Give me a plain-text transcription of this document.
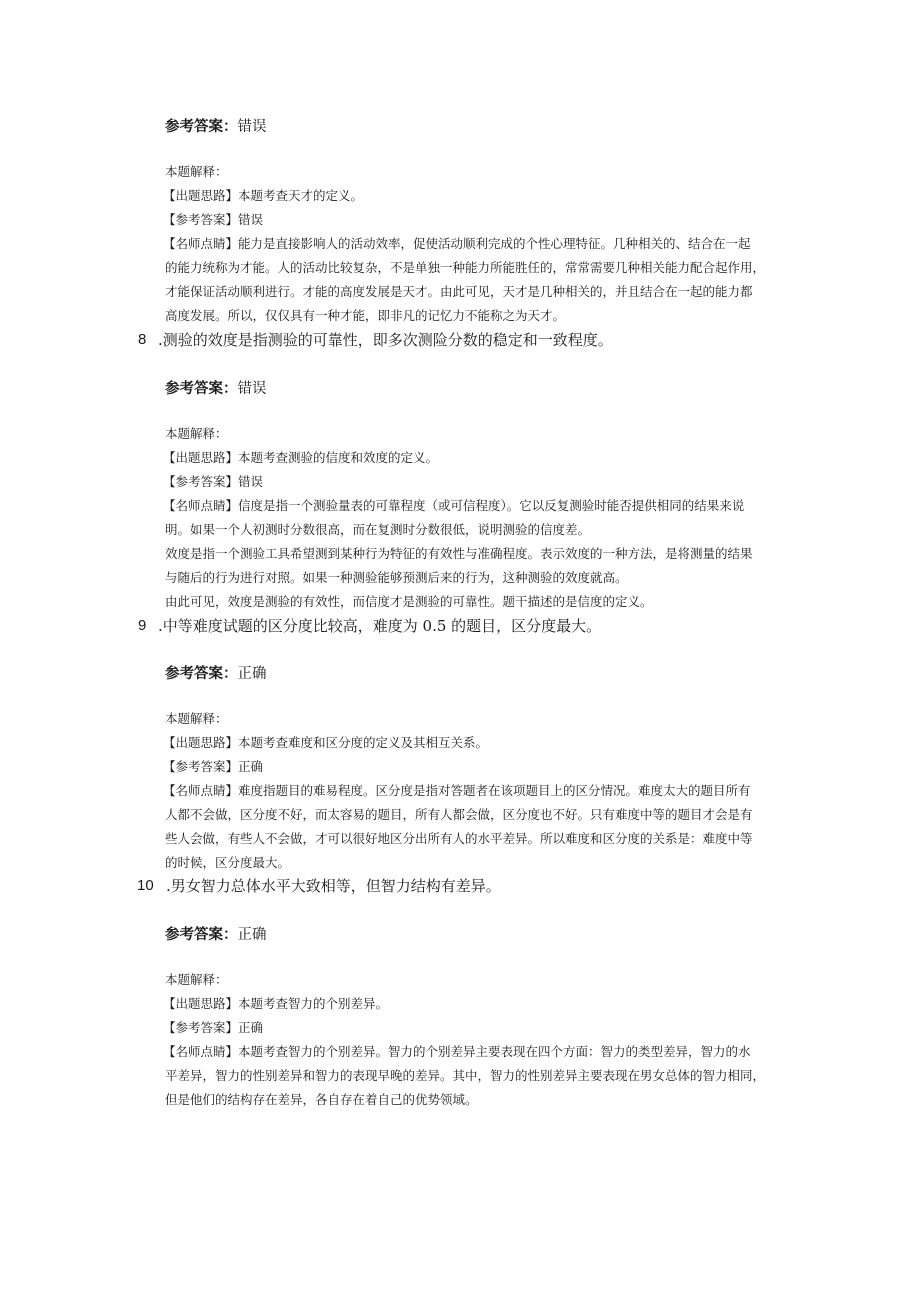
参考答案：错误
本题解释：
【出题思路】本题考查天才的定义。
【参考答案】错误
【名师点睛】能力是直接影响人的活动效率，促使活动顺利完成的个性心理特征。几种相关的、结合在一起
的能力统称为才能。人的活动比较复杂，不是单独一种能力所能胜任的，常常需要几种相关能力配合起作用，
才能保证活动顺利进行。才能的高度发展是天才。由此可见，天才是几种相关的，并且结合在一起的能力都
高度发展。所以，仅仅具有一种才能，即非凡的记忆力不能称之为天才。
8 .测验的效度是指测验的可靠性，即多次测险分数的稳定和一致程度。
参考答案：错误
本题解释：
【出题思路】本题考查测验的信度和效度的定义。
【参考答案】错误
【名师点睛】信度是指一个测验量表的可靠程度（或可信程度）。它以反复测验时能否提供相同的结果来说
明。如果一个人初测时分数很高，而在复测时分数很低，说明测验的信度差。
效度是指一个测验工具希望测到某种行为特征的有效性与准确程度。表示效度的一种方法，是将测量的结果
与随后的行为进行对照。如果一种测验能够预测后来的行为，这种测验的效度就高。
由此可见，效度是测验的有效性，而信度才是测验的可靠性。题干描述的是信度的定义。
9 .中等难度试题的区分度比较高，难度为 0.5 的题目，区分度最大。
参考答案：正确
本题解释：
【出题思路】本题考查难度和区分度的定义及其相互关系。
【参考答案】正确
【名师点睛】难度指题目的难易程度。区分度是指对答题者在该项题目上的区分情况。难度太大的题目所有
人都不会做，区分度不好，而太容易的题目，所有人都会做，区分度也不好。只有难度中等的题目才会是有
些人会做，有些人不会做，才可以很好地区分出所有人的水平差异。所以难度和区分度的关系是：难度中等
的时候，区分度最大。
10 .男女智力总体水平大致相等，但智力结构有差异。
参考答案：正确
本题解释：
【出题思路】本题考查智力的个别差异。
【参考答案】正确
【名师点睛】本题考查智力的个别差异。智力的个别差异主要表现在四个方面：智力的类型差异，智力的水
平差异，智力的性别差异和智力的表现早晚的差异。其中，智力的性别差异主要表现在男女总体的智力相同，
但是他们的结构存在差异，各自存在着自己的优势领域。
